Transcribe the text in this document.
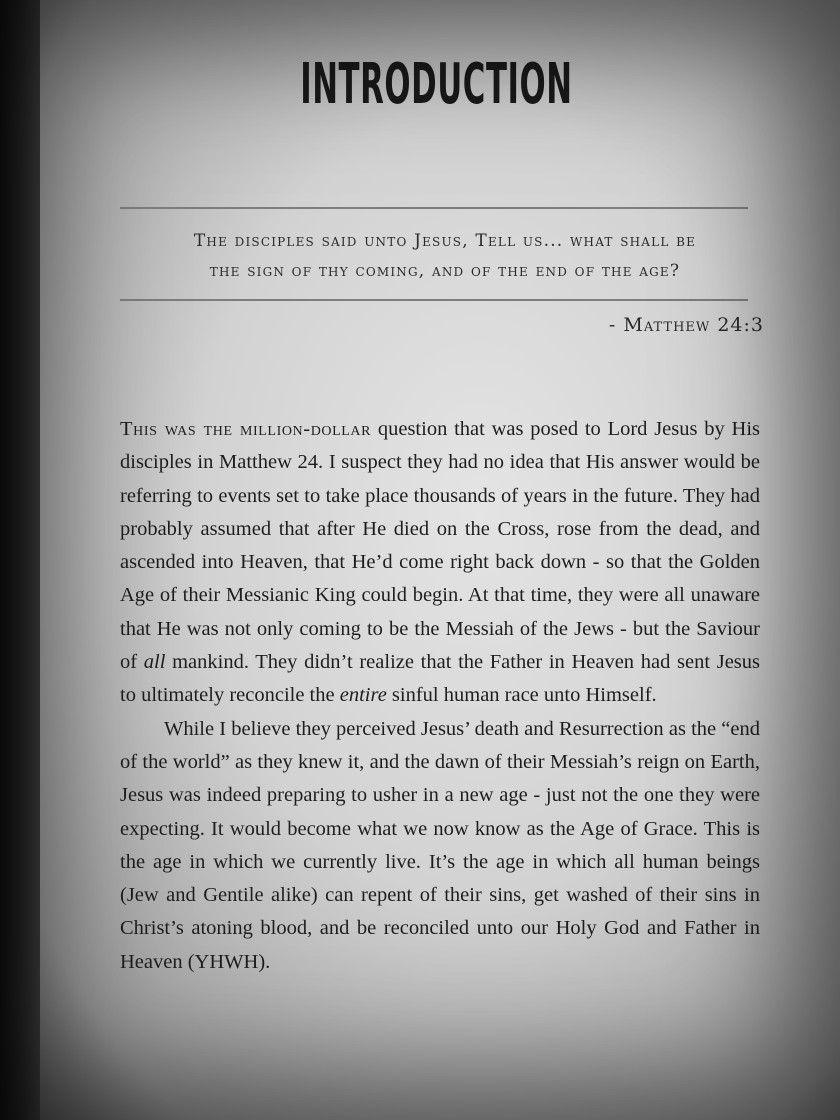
INTRODUCTION
The disciples said unto Jesus, Tell us... what shall be
the sign of thy coming, and of the end of the age?
- Matthew 24:3

This was the million-dollar question that was posed to Lord Jesus by His disciples in Matthew 24. I suspect they had no idea that His answer would be referring to events set to take place thousands of years in the future. They had probably assumed that after He died on the Cross, rose from the dead, and ascended into Heaven, that He’d come right back down - so that the Golden Age of their Messianic King could begin. At that time, they were all unaware that He was not only coming to be the Messiah of the Jews - but the Saviour of all mankind. They didn’t realize that the Father in Heaven had sent Jesus to ultimately reconcile the entire sinful human race unto Himself.

While I believe they perceived Jesus’ death and Resurrection as the “end of the world” as they knew it, and the dawn of their Messiah’s reign on Earth, Jesus was indeed preparing to usher in a new age - just not the one they were expecting. It would become what we now know as the Age of Grace. This is the age in which we currently live. It’s the age in which all human beings (Jew and Gentile alike) can repent of their sins, get washed of their sins in Christ’s atoning blood, and be reconciled unto our Holy God and Father in Heaven (YHWH).
